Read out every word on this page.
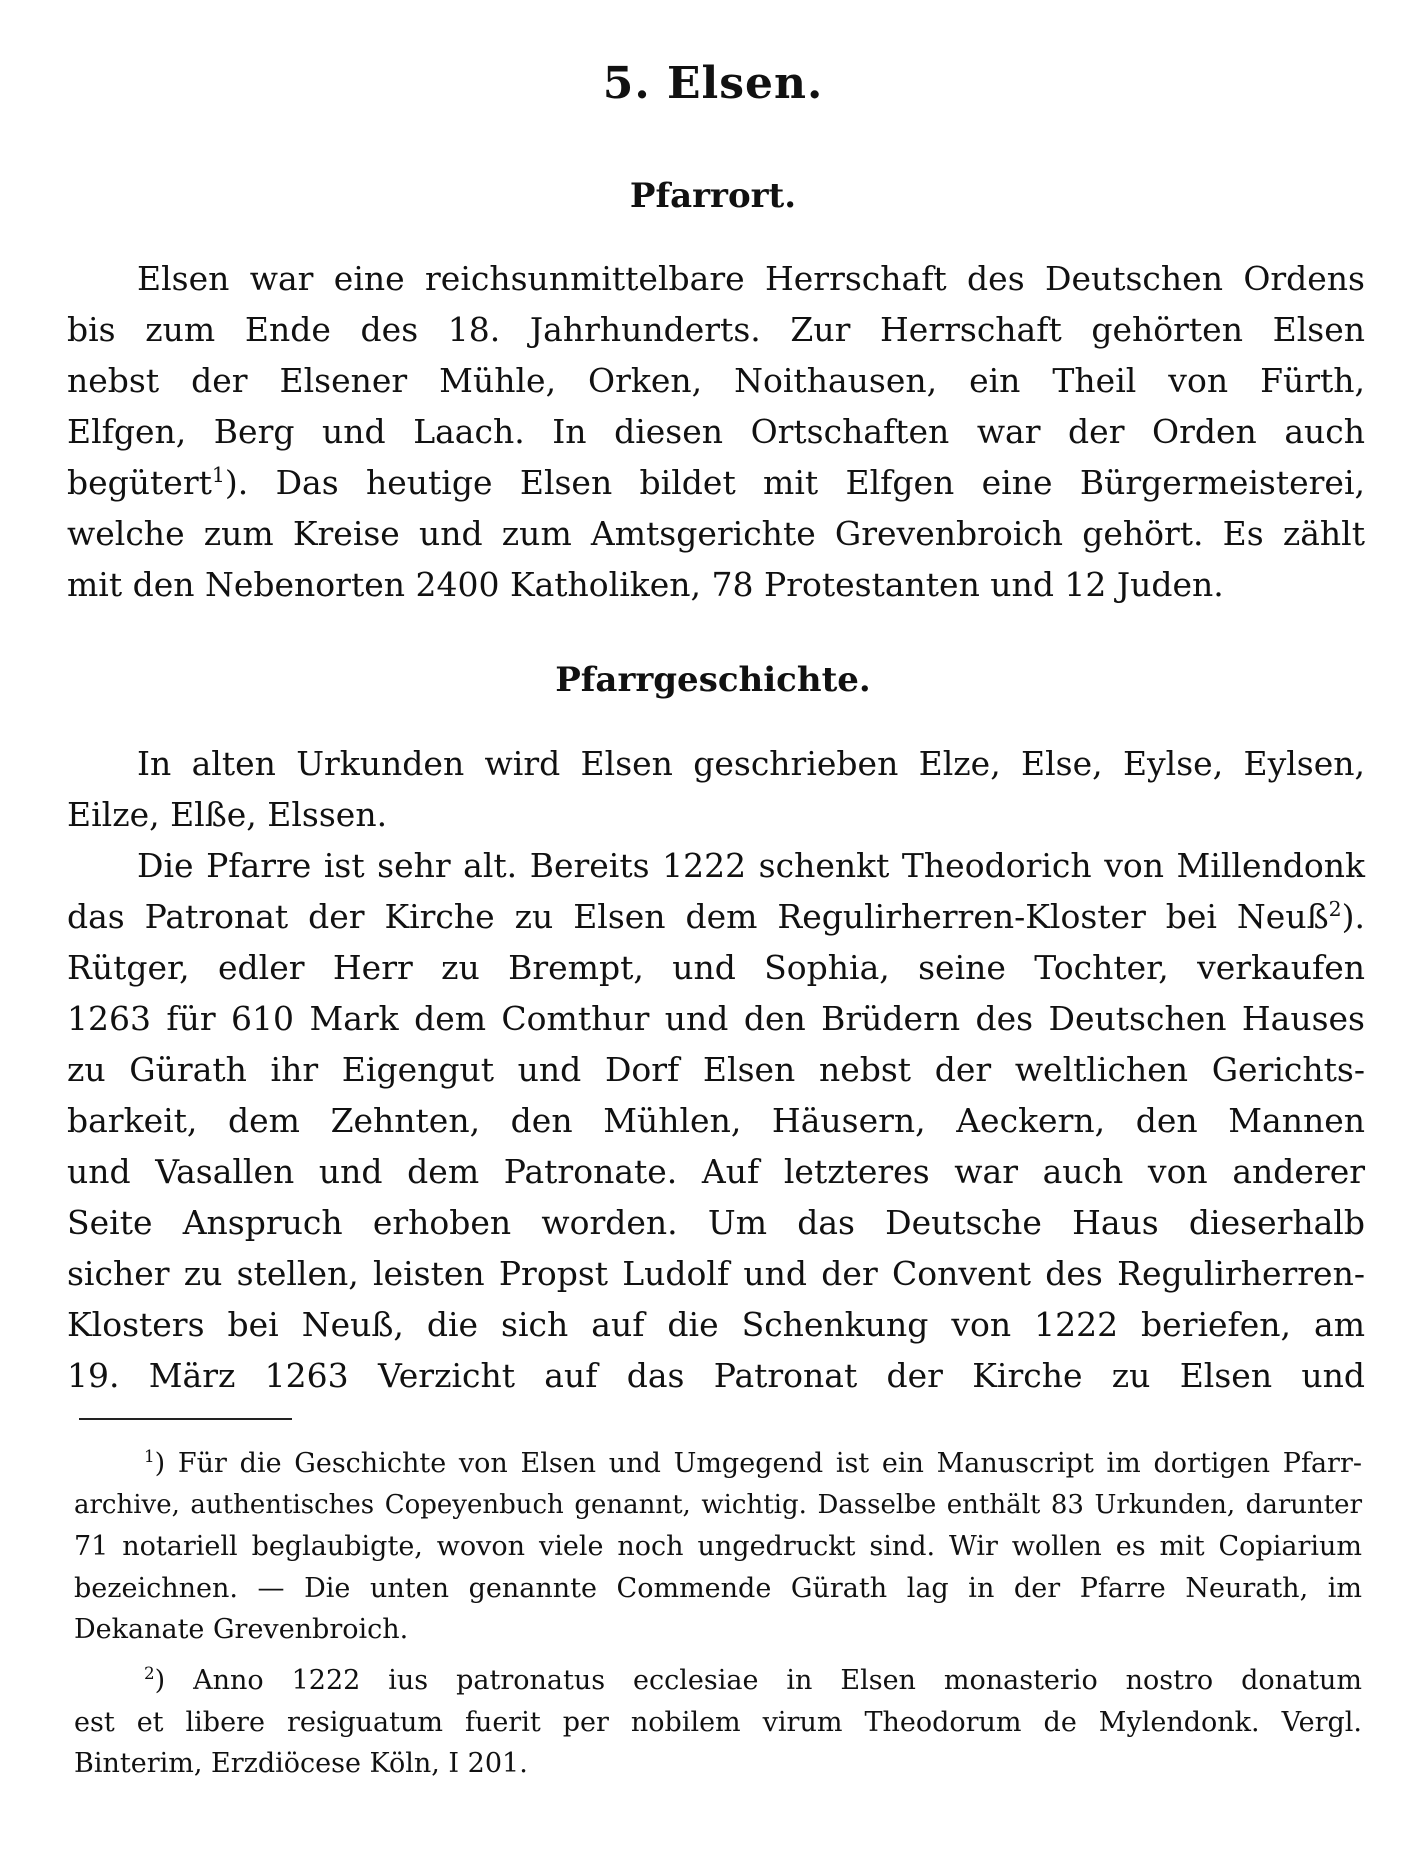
5. Elsen.
Pfarrort.
Elsen war eine reichsunmittelbare Herrschaft des Deutschen Ordens
bis zum Ende des 18. Jahrhunderts. Zur Herrschaft gehörten Elsen
nebst der Elsener Mühle, Orken, Noithausen, ein Theil von Fürth,
Elfgen, Berg und Laach. In diesen Ortschaften war der Orden auch
begütert$^1$). Das heutige Elsen bildet mit Elfgen eine Bürgermeisterei,
welche zum Kreise und zum Amtsgerichte Grevenbroich gehört. Es zählt
mit den Nebenorten 2400 Katholiken, 78 Protestanten und 12 Juden.
Pfarrgeschichte.
In alten Urkunden wird Elsen geschrieben Elze, Else, Eylse, Eylsen,
Eilze, Elße, Elssen.
Die Pfarre ist sehr alt. Bereits 1222 schenkt Theodorich von Millendonk
das Patronat der Kirche zu Elsen dem Regulirherren-Kloster bei Neuß$^2$).
Rütger, edler Herr zu Brempt, und Sophia, seine Tochter, verkaufen
1263 für 610 Mark dem Comthur und den Brüdern des Deutschen Hauses
zu Gürath ihr Eigengut und Dorf Elsen nebst der weltlichen Gerichts-
barkeit, dem Zehnten, den Mühlen, Häusern, Aeckern, den Mannen
und Vasallen und dem Patronate. Auf letzteres war auch von anderer
Seite Anspruch erhoben worden. Um das Deutsche Haus dieserhalb
sicher zu stellen, leisten Propst Ludolf und der Convent des Regulirherren-
Klosters bei Neuß, die sich auf die Schenkung von 1222 beriefen, am
19. März 1263 Verzicht auf das Patronat der Kirche zu Elsen und
$^1$) Für die Geschichte von Elsen und Umgegend ist ein Manuscript im dortigen Pfarr-
archive, authentisches Copeyenbuch genannt, wichtig. Dasselbe enthält 83 Urkunden, darunter
71 notariell beglaubigte, wovon viele noch ungedruckt sind. Wir wollen es mit Copiarium
bezeichnen. — Die unten genannte Commende Gürath lag in der Pfarre Neurath, im
Dekanate Grevenbroich.
$^2$) Anno 1222 ius patronatus ecclesiae in Elsen monasterio nostro donatum
est et libere resiguatum fuerit per nobilem virum Theodorum de Mylendonk. Vergl.
Binterim, Erzdiöcese Köln, I 201.
